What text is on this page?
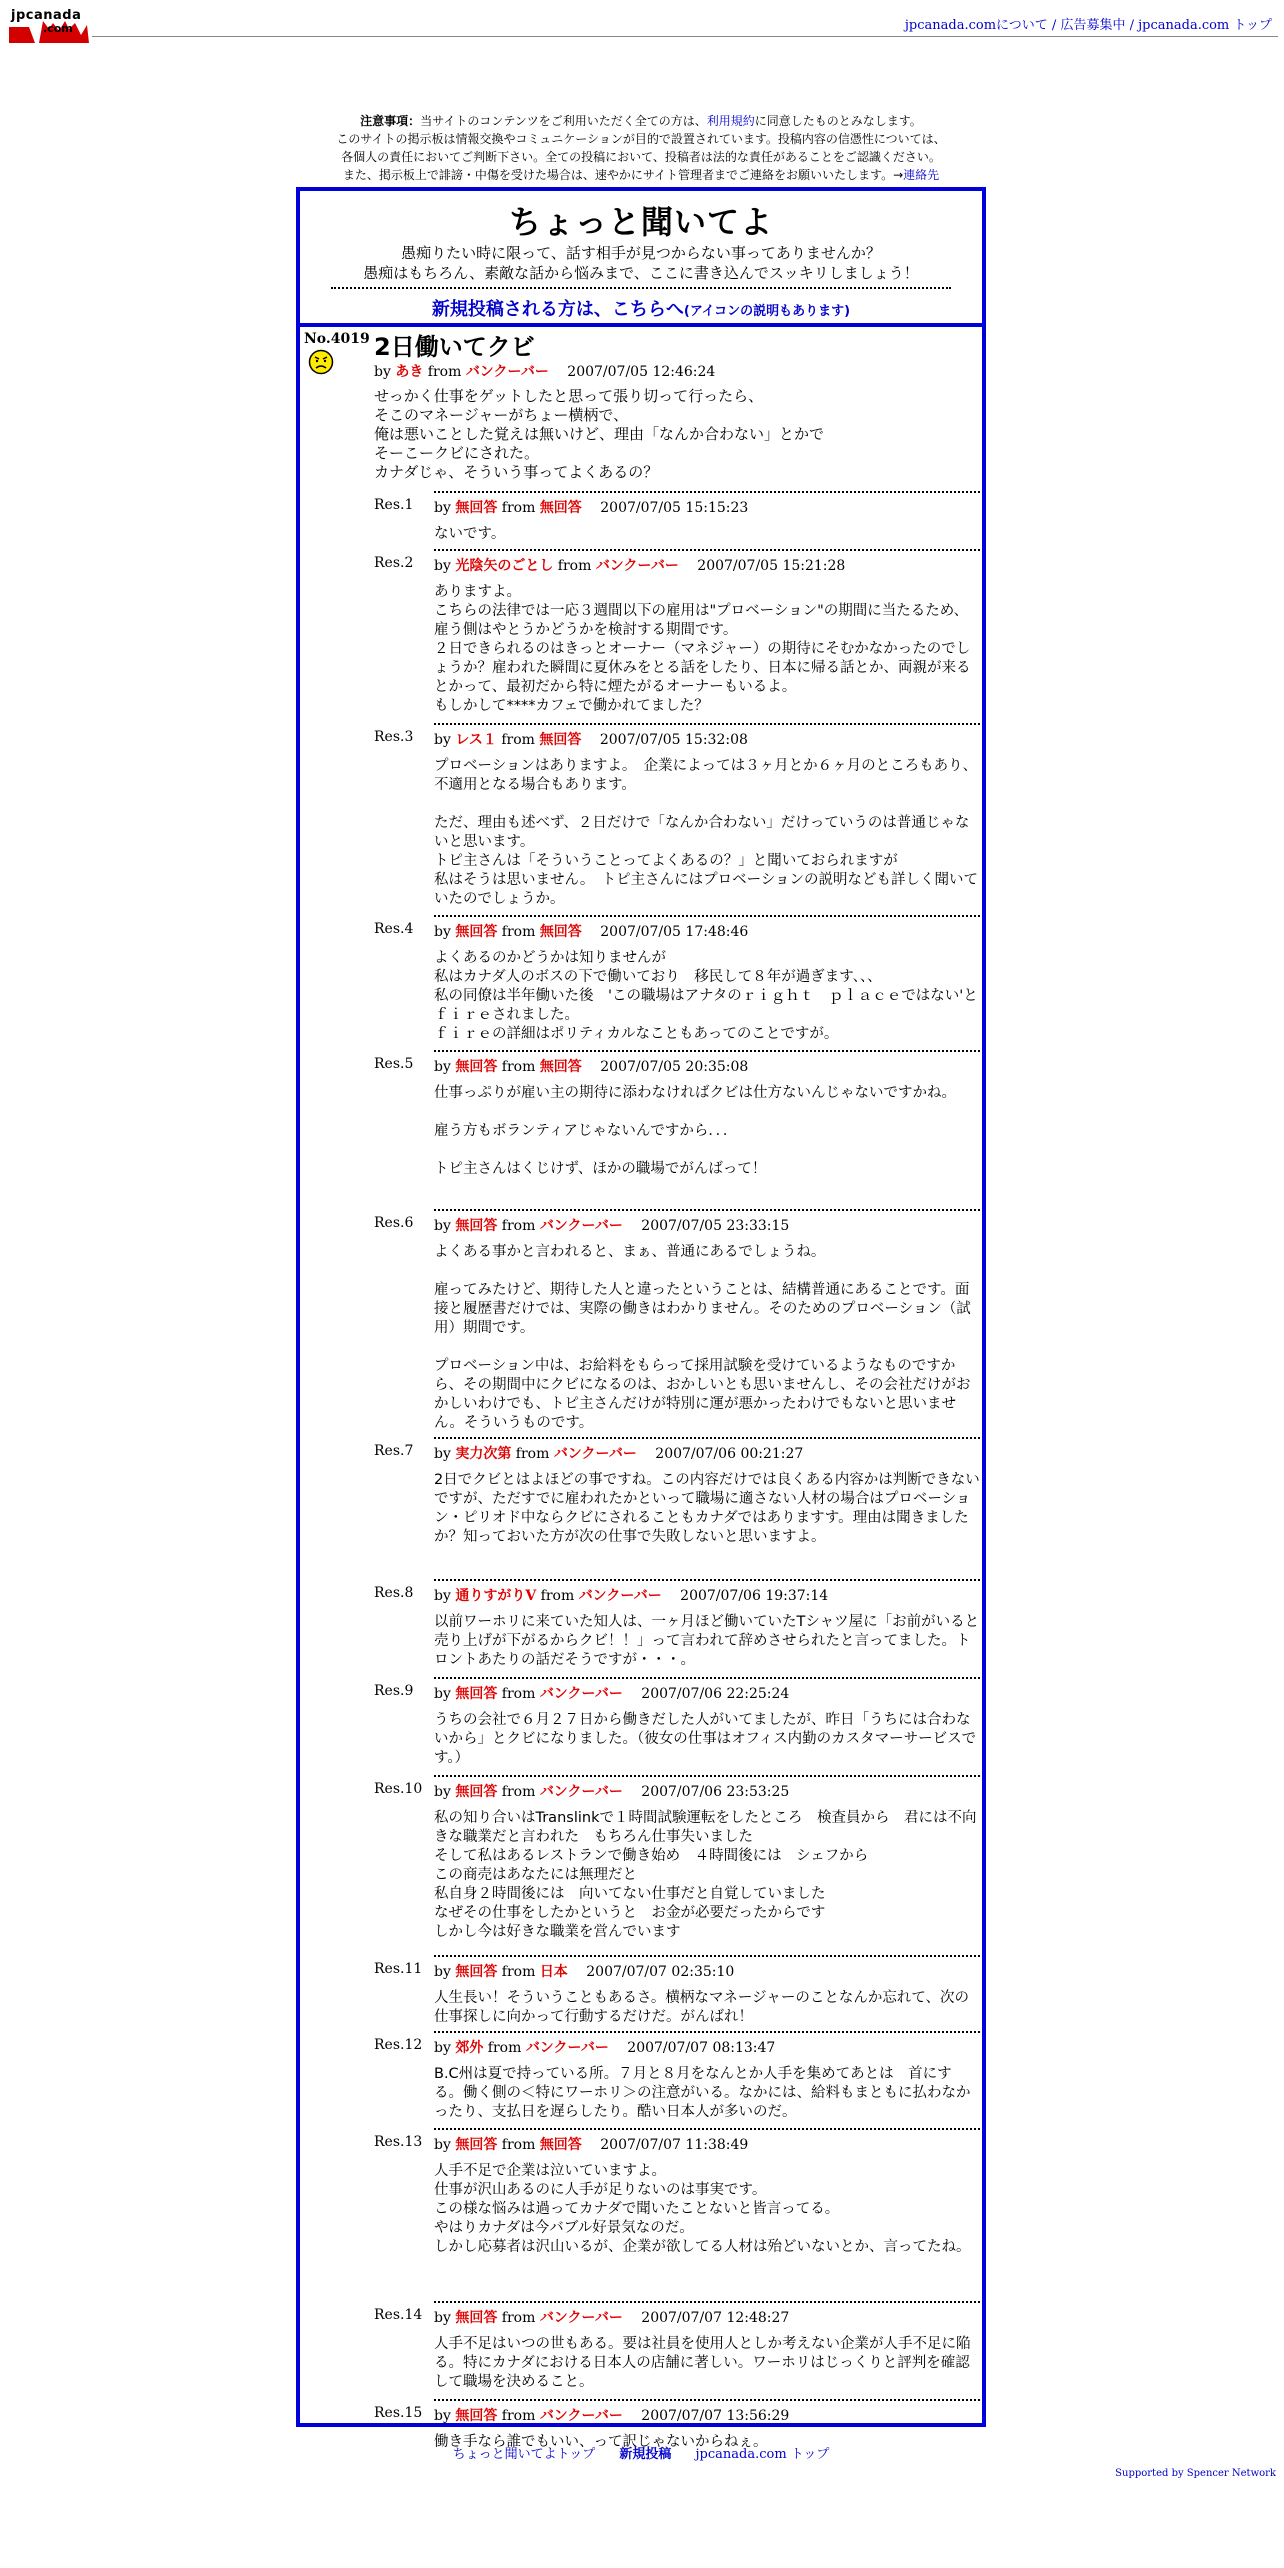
jpcanada
.com	jpcanada.comについて / 広告募集中 / jpcanada.com トップ
注意事項：当サイトのコンテンツをご利用いただく全ての方は、利用規約に同意したものとみなします。
このサイトの掲示板は情報交換やコミュニケーションが目的で設置されています。投稿内容の信憑性については、
各個人の責任においてご判断下さい。全ての投稿において、投稿者は法的な責任があることをご認識ください。
また、掲示板上で誹謗・中傷を受けた場合は、速やかにサイト管理者までご連絡をお願いいたします。→連絡先
ちょっと聞いてよ
愚痴りたい時に限って、話す相手が見つからない事ってありませんか？
愚痴はもちろん、素敵な話から悩みまで、ここに書き込んでスッキリしましょう！
新規投稿される方は、こちらへ(アイコンの説明もあります)
No.4019 2日働いてクビ
by あき from バンクーバー　 2007/07/05 12:46:24
せっかく仕事をゲットしたと思って張り切って行ったら、
そこのマネージャーがちょー横柄で、
俺は悪いことした覚えは無いけど、理由「なんか合わない」とかで
そーこークビにされた。
カナダじゃ、そういう事ってよくあるの？
Res.1 by 無回答 from 無回答　 2007/07/05 15:15:23
ないです。
Res.2 by 光陰矢のごとし from バンクーバー　 2007/07/05 15:21:28
ありますよ。
こちらの法律では一応３週間以下の雇用は"プロベーション"の期間に当たるため、雇う側はやとうかどうかを検討する期間です。
２日できられるのはきっとオーナー（マネジャー）の期待にそむかなかったのでしょうか？雇われた瞬間に夏休みをとる話をしたり、日本に帰る話とか、両親が来るとかって、最初だから特に煙たがるオーナーもいるよ。
もしかして****カフェで働かれてました？
Res.3 by レス１ from 無回答　 2007/07/05 15:32:08
プロベーションはありますよ。　企業によっては３ヶ月とか６ヶ月のところもあり、不適用となる場合もあります。

ただ、理由も述べず、２日だけで「なんか合わない」だけっていうのは普通じゃないと思います。
トピ主さんは「そういうことってよくあるの？」と聞いておられますが
私はそうは思いません。　トピ主さんにはプロベーションの説明なども詳しく聞いていたのでしょうか。
Res.4 by 無回答 from 無回答　 2007/07/05 17:48:46
よくあるのかどうかは知りませんが
私はカナダ人のボスの下で働いており　移民して８年が過ぎます、、、
私の同僚は半年働いた後　'この職場はアナタのｒｉｇｈｔ　ｐｌａｃｅではない'とｆｉｒｅされました。
ｆｉｒｅの詳細はポリティカルなこともあってのことですが。
Res.5 by 無回答 from 無回答　 2007/07/05 20:35:08
仕事っぷりが雇い主の期待に添わなければクビは仕方ないんじゃないですかね。

雇う方もボランティアじゃないんですから．．．

トピ主さんはくじけず、ほかの職場でがんばって！
Res.6 by 無回答 from バンクーバー　 2007/07/05 23:33:15
よくある事かと言われると、まぁ、普通にあるでしょうね。

雇ってみたけど、期待した人と違ったということは、結構普通にあることです。面接と履歴書だけでは、実際の働きはわかりません。そのためのプロベーション（試用）期間です。

プロベーション中は、お給料をもらって採用試験を受けているようなものですから、その期間中にクビになるのは、おかしいとも思いませんし、その会社だけがおかしいわけでも、トピ主さんだけが特別に運が悪かったわけでもないと思いません。そういうものです。
Res.7 by 実力次第 from バンクーバー　 2007/07/06 00:21:27
2日でクビとはよほどの事ですね。この内容だけでは良くある内容かは判断できないですが、ただすでに雇われたかといって職場に適さない人材の場合はプロベーション・ピリオド中ならクビにされることもカナダではありますす。理由は聞きましたか？知っておいた方が次の仕事で失敗しないと思いますよ。
Res.8 by 通りすがりV from バンクーバー　 2007/07/06 19:37:14
以前ワーホリに来ていた知人は、一ヶ月ほど働いていたTシャツ屋に「お前がいると売り上げが下がるからクビ！！」って言われて辞めさせられたと言ってました。トロントあたりの話だそうですが・・・。
Res.9 by 無回答 from バンクーバー　 2007/07/06 22:25:24
うちの会社で６月２７日から働きだした人がいてましたが、昨日「うちには合わないから」とクビになりました。（彼女の仕事はオフィス内勤のカスタマーサービスです。）
Res.10 by 無回答 from バンクーバー　 2007/07/06 23:53:25
私の知り合いはTranslinkで１時間試験運転をしたところ　検査員から　君には不向きな職業だと言われた　もちろん仕事失いました
そして私はあるレストランで働き始め　４時間後には　シェフから
この商売はあなたには無理だと
私自身２時間後には　向いてない仕事だと自覚していました
なぜその仕事をしたかというと　お金が必要だったからです
しかし今は好きな職業を営んでいます
Res.11 by 無回答 from 日本　 2007/07/07 02:35:10
人生長い！そういうこともあるさ。横柄なマネージャーのことなんか忘れて、次の仕事探しに向かって行動するだけだ。がんばれ！
Res.12 by 郊外 from バンクーバー　 2007/07/07 08:13:47
B.C州は夏で持っている所。７月と８月をなんとか人手を集めてあとは　首にする。働く側の＜特にワーホリ＞の注意がいる。なかには、給料もまともに払わなかったり、支払日を遅らしたり。酷い日本人が多いのだ。
Res.13 by 無回答 from 無回答　 2007/07/07 11:38:49
人手不足で企業は泣いていますよ。
仕事が沢山あるのに人手が足りないのは事実です。
この様な悩みは過ってカナダで聞いたことないと皆言ってる。
やはりカナダは今バブル好景気なのだ。
しかし応募者は沢山いるが、企業が欲してる人材は殆どいないとか、言ってたね。
Res.14 by 無回答 from バンクーバー　 2007/07/07 12:48:27
人手不足はいつの世もある。要は社員を使用人としか考えない企業が人手不足に陥る。特にカナダにおける日本人の店舗に著しい。ワーホリはじっくりと評判を確認して職場を決めること。
Res.15 by 無回答 from バンクーバー　 2007/07/07 13:56:29
働き手なら誰でもいい、って訳じゃないからねぇ。
ちょっと聞いてよトップ 新規投稿 jpcanada.com トップ
Supported by Spencer Network
